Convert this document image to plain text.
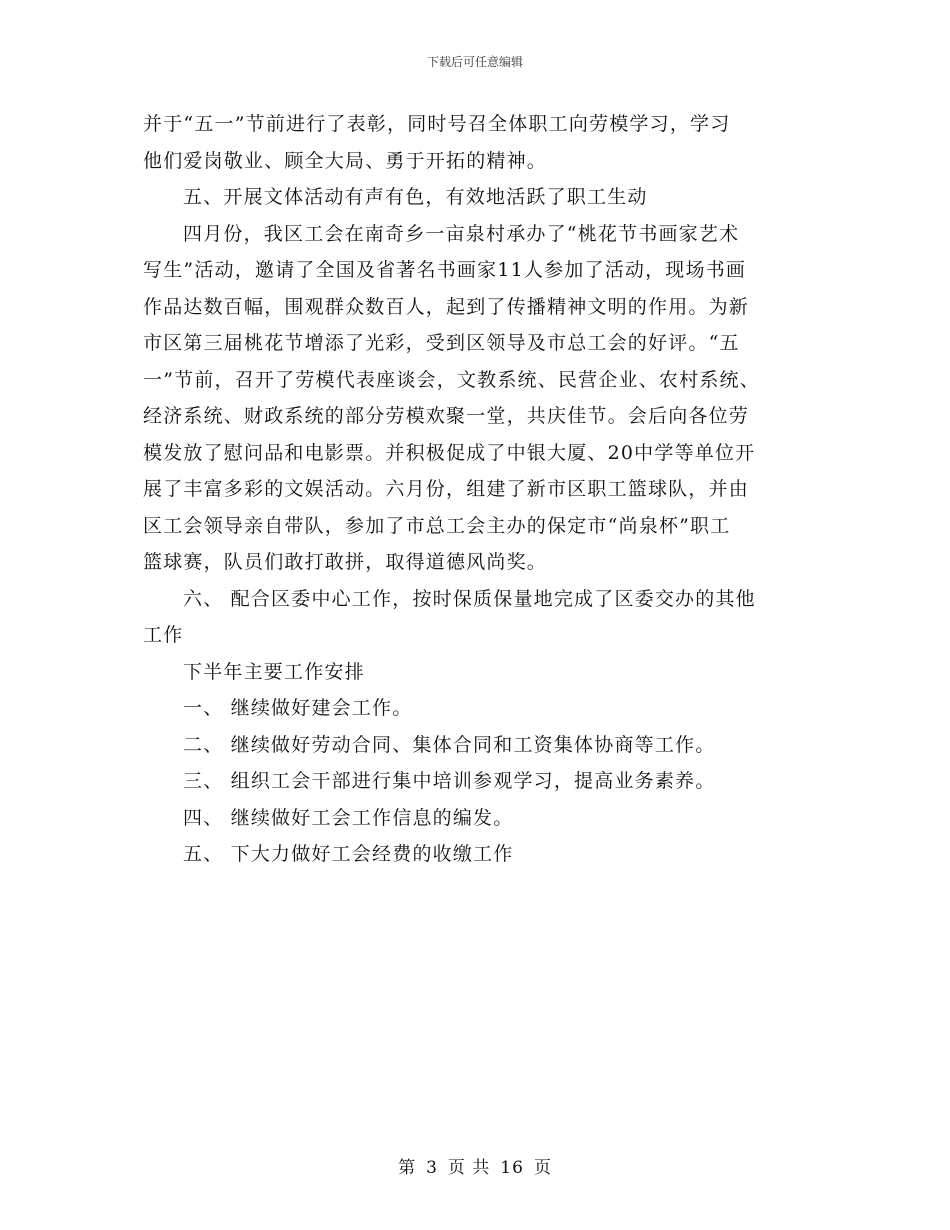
下载后可任意编辑

并于“五一”节前进行了表彰，同时号召全体职工向劳模学习，学习

他们爱岗敬业、顾全大局、勇于开拓的精神。

五、开展文体活动有声有色，有效地活跃了职工生动

四月份，我区工会在南奇乡一亩泉村承办了“桃花节书画家艺术

写生”活动，邀请了全国及省著名书画家11人参加了活动，现场书画

作品达数百幅，围观群众数百人，起到了传播精神文明的作用。为新

市区第三届桃花节增添了光彩，受到区领导及市总工会的好评。“五

一”节前，召开了劳模代表座谈会，文教系统、民营企业、农村系统、

经济系统、财政系统的部分劳模欢聚一堂，共庆佳节。会后向各位劳

模发放了慰问品和电影票。并积极促成了中银大厦、20中学等单位开

展了丰富多彩的文娱活动。六月份，组建了新市区职工篮球队，并由

区工会领导亲自带队，参加了市总工会主办的保定市“尚泉杯”职工

篮球赛，队员们敢打敢拼，取得道德风尚奖。

六、 配合区委中心工作，按时保质保量地完成了区委交办的其他

工作

下半年主要工作安排

一、 继续做好建会工作。

二、 继续做好劳动合同、集体合同和工资集体协商等工作。

三、 组织工会干部进行集中培训参观学习，提高业务素养。

四、 继续做好工会工作信息的编发。

五、 下大力做好工会经费的收缴工作

第 3 页 共 16 页
